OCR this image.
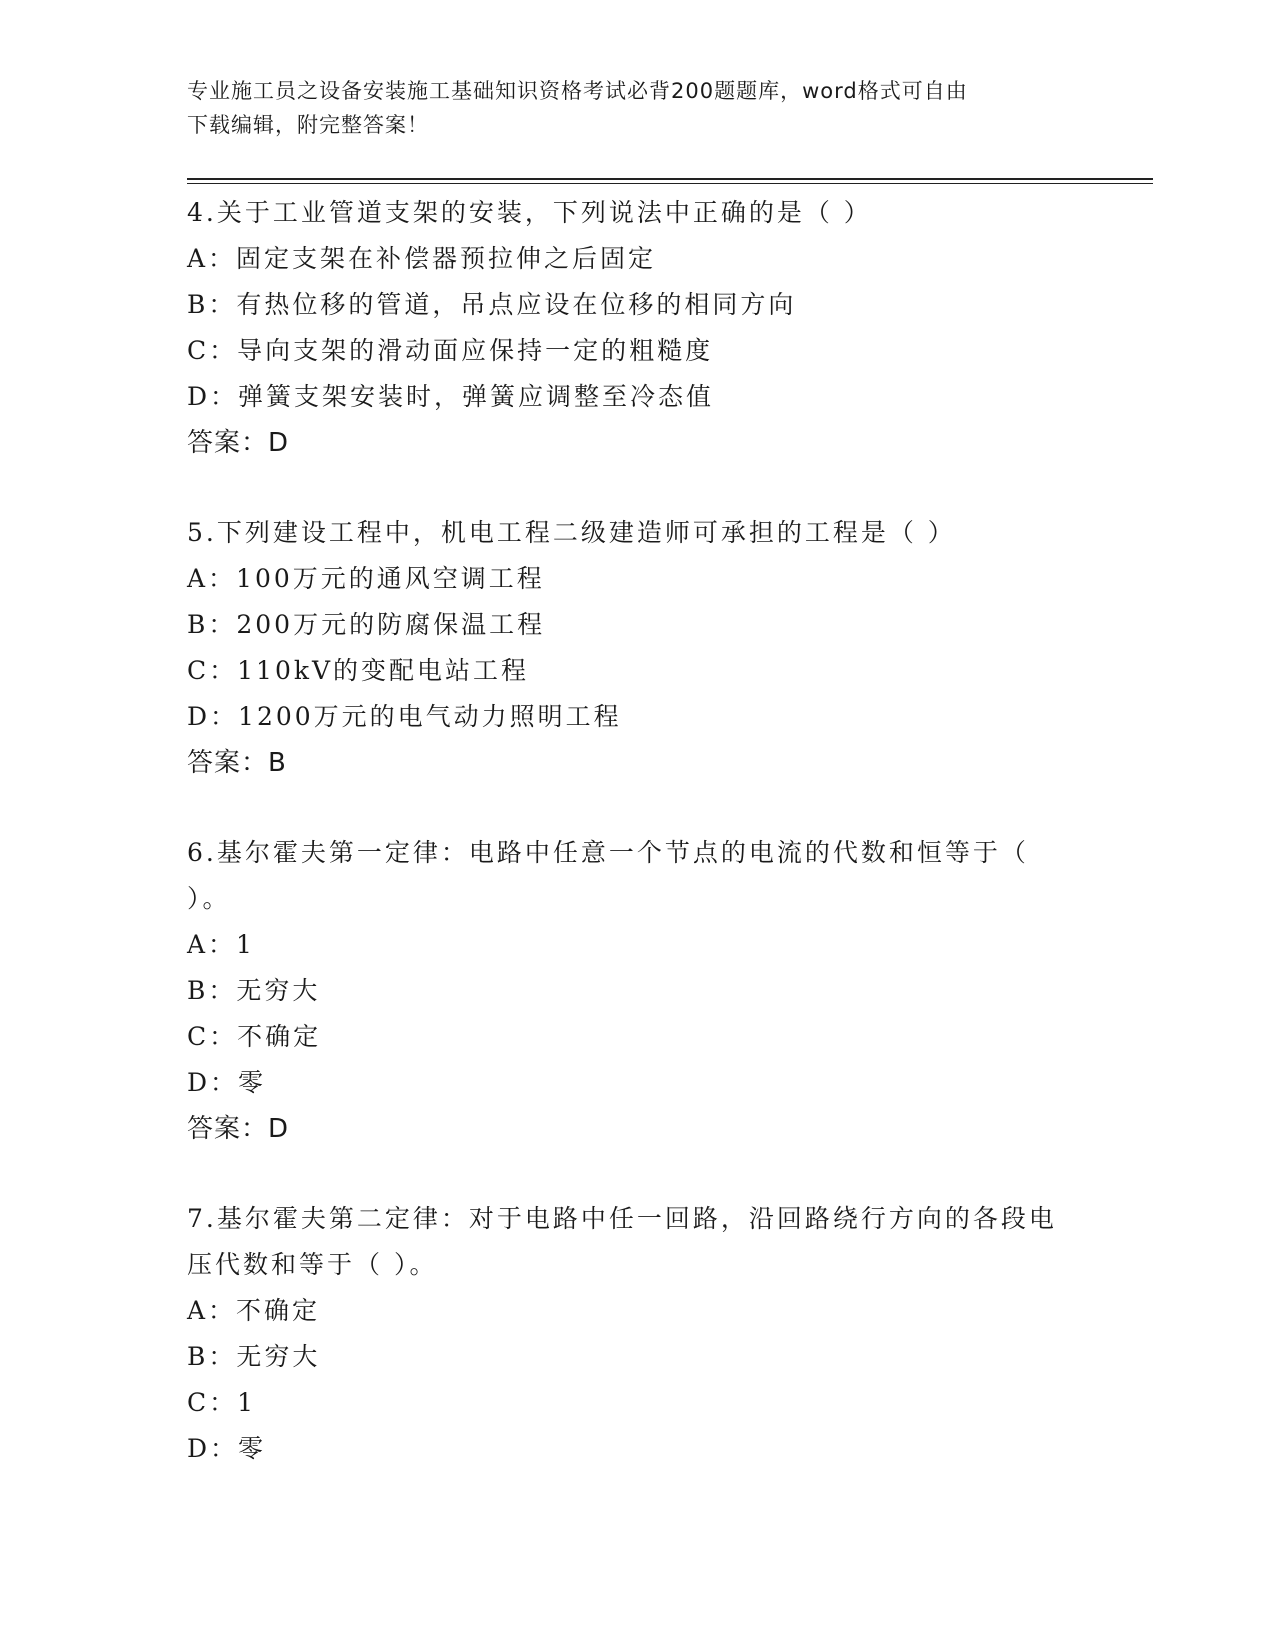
专业施工员之设备安装施工基础知识资格考试必背200题题库，word格式可自由
下载编辑，附完整答案！
4.关于工业管道支架的安装，下列说法中正确的是（ ）
A：固定支架在补偿器预拉伸之后固定
B：有热位移的管道，吊点应设在位移的相同方向
C：导向支架的滑动面应保持一定的粗糙度
D：弹簧支架安装时，弹簧应调整至冷态值
答案：D
5.下列建设工程中，机电工程二级建造师可承担的工程是（ ）
A：100万元的通风空调工程
B：200万元的防腐保温工程
C：110kV的变配电站工程
D：1200万元的电气动力照明工程
答案：B
6.基尔霍夫第一定律：电路中任意一个节点的电流的代数和恒等于（ ）。
A：1
B：无穷大
C：不确定
D：零
答案：D
7.基尔霍夫第二定律：对于电路中任一回路，沿回路绕行方向的各段电压代数和等于（ ）。
A：不确定
B：无穷大
C：1
D：零
